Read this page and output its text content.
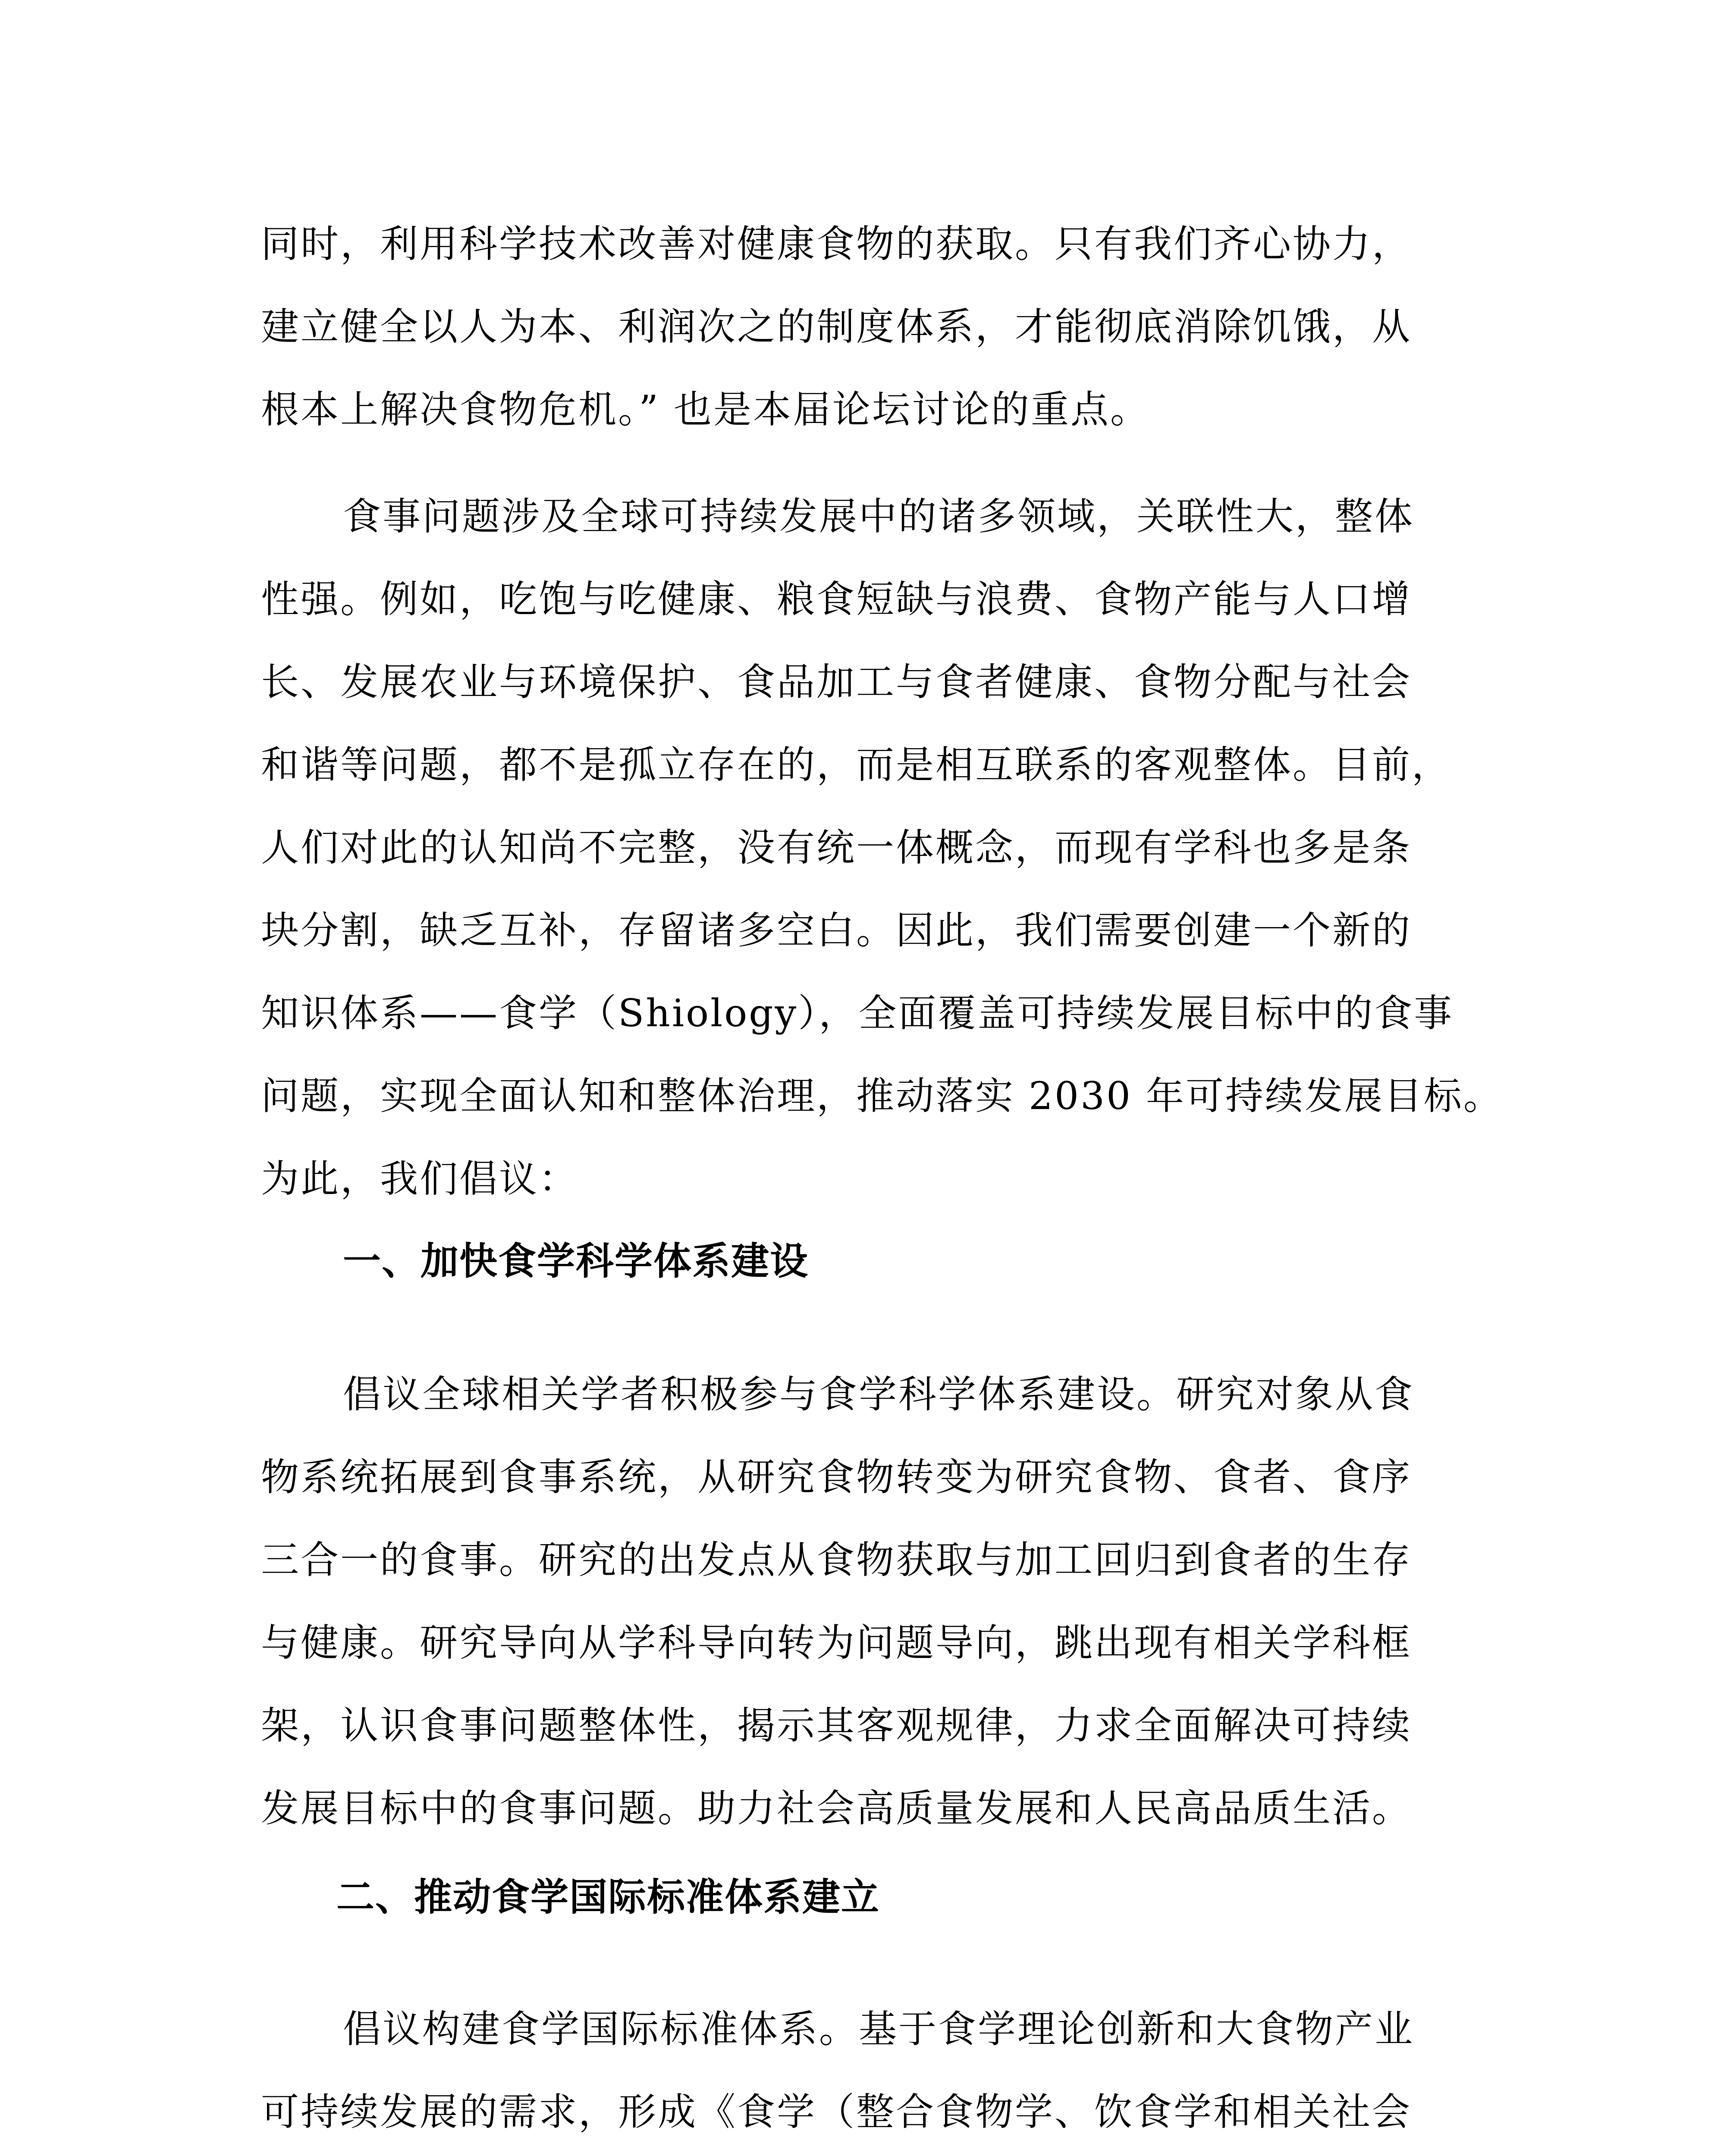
同时，利用科学技术改善对健康食物的获取。只有我们齐心协力，
建立健全以人为本、利润次之的制度体系，才能彻底消除饥饿，从
根本上解决食物危机。” 也是本届论坛讨论的重点。
食事问题涉及全球可持续发展中的诸多领域，关联性大，整体
性强。例如，吃饱与吃健康、粮食短缺与浪费、食物产能与人口增
长、发展农业与环境保护、食品加工与食者健康、食物分配与社会
和谐等问题，都不是孤立存在的，而是相互联系的客观整体。目前，
人们对此的认知尚不完整，没有统一体概念，而现有学科也多是条
块分割，缺乏互补，存留诸多空白。因此，我们需要创建一个新的
知识体系——食学（Shiology），全面覆盖可持续发展目标中的食事
问题，实现全面认知和整体治理，推动落实 2030 年可持续发展目标。
为此，我们倡议：
一、加快食学科学体系建设
倡议全球相关学者积极参与食学科学体系建设。研究对象从食
物系统拓展到食事系统，从研究食物转变为研究食物、食者、食序
三合一的食事。研究的出发点从食物获取与加工回归到食者的生存
与健康。研究导向从学科导向转为问题导向，跳出现有相关学科框
架，认识食事问题整体性，揭示其客观规律，力求全面解决可持续
发展目标中的食事问题。助力社会高质量发展和人民高品质生活。
二、推动食学国际标准体系建立
倡议构建食学国际标准体系。基于食学理论创新和大食物产业
可持续发展的需求，形成《食学（整合食物学、饮食学和相关社会
